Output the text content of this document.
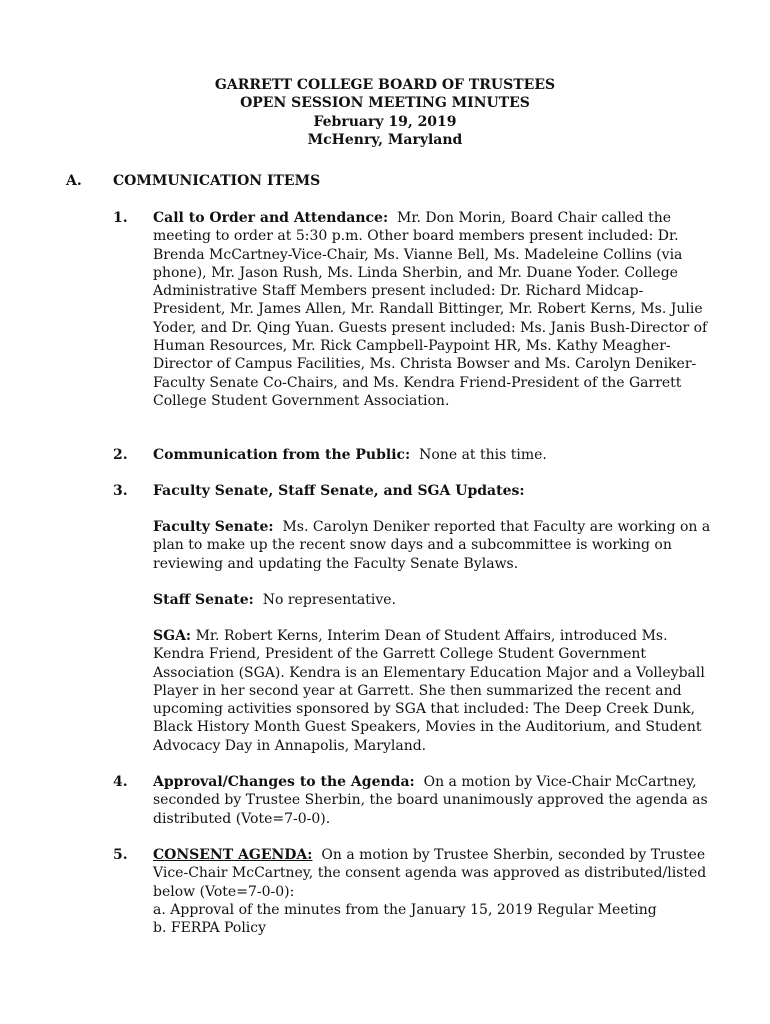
GARRETT COLLEGE BOARD OF TRUSTEES
OPEN SESSION MEETING MINUTES
February 19, 2019
McHenry, Maryland
A. COMMUNICATION ITEMS
1. Call to Order and Attendance: Mr. Don Morin, Board Chair called the meeting to order at 5:30 p.m. Other board members present included: Dr. Brenda McCartney-Vice-Chair, Ms. Vianne Bell, Ms. Madeleine Collins (via phone), Mr. Jason Rush, Ms. Linda Sherbin, and Mr. Duane Yoder. College Administrative Staff Members present included: Dr. Richard Midcap-President, Mr. James Allen, Mr. Randall Bittinger, Mr. Robert Kerns, Ms. Julie Yoder, and Dr. Qing Yuan. Guests present included: Ms. Janis Bush-Director of Human Resources, Mr. Rick Campbell-Paypoint HR, Ms. Kathy Meagher-Director of Campus Facilities, Ms. Christa Bowser and Ms. Carolyn Deniker-Faculty Senate Co-Chairs, and Ms. Kendra Friend-President of the Garrett College Student Government Association.
2. Communication from the Public: None at this time.
3. Faculty Senate, Staff Senate, and SGA Updates:
Faculty Senate: Ms. Carolyn Deniker reported that Faculty are working on a plan to make up the recent snow days and a subcommittee is working on reviewing and updating the Faculty Senate Bylaws.
Staff Senate: No representative.
SGA: Mr. Robert Kerns, Interim Dean of Student Affairs, introduced Ms. Kendra Friend, President of the Garrett College Student Government Association (SGA). Kendra is an Elementary Education Major and a Volleyball Player in her second year at Garrett. She then summarized the recent and upcoming activities sponsored by SGA that included: The Deep Creek Dunk, Black History Month Guest Speakers, Movies in the Auditorium, and Student Advocacy Day in Annapolis, Maryland.
4. Approval/Changes to the Agenda: On a motion by Vice-Chair McCartney, seconded by Trustee Sherbin, the board unanimously approved the agenda as distributed (Vote=7-0-0).
5. CONSENT AGENDA: On a motion by Trustee Sherbin, seconded by Trustee Vice-Chair McCartney, the consent agenda was approved as distributed/listed below (Vote=7-0-0):
a. Approval of the minutes from the January 15, 2019 Regular Meeting
b. FERPA Policy
